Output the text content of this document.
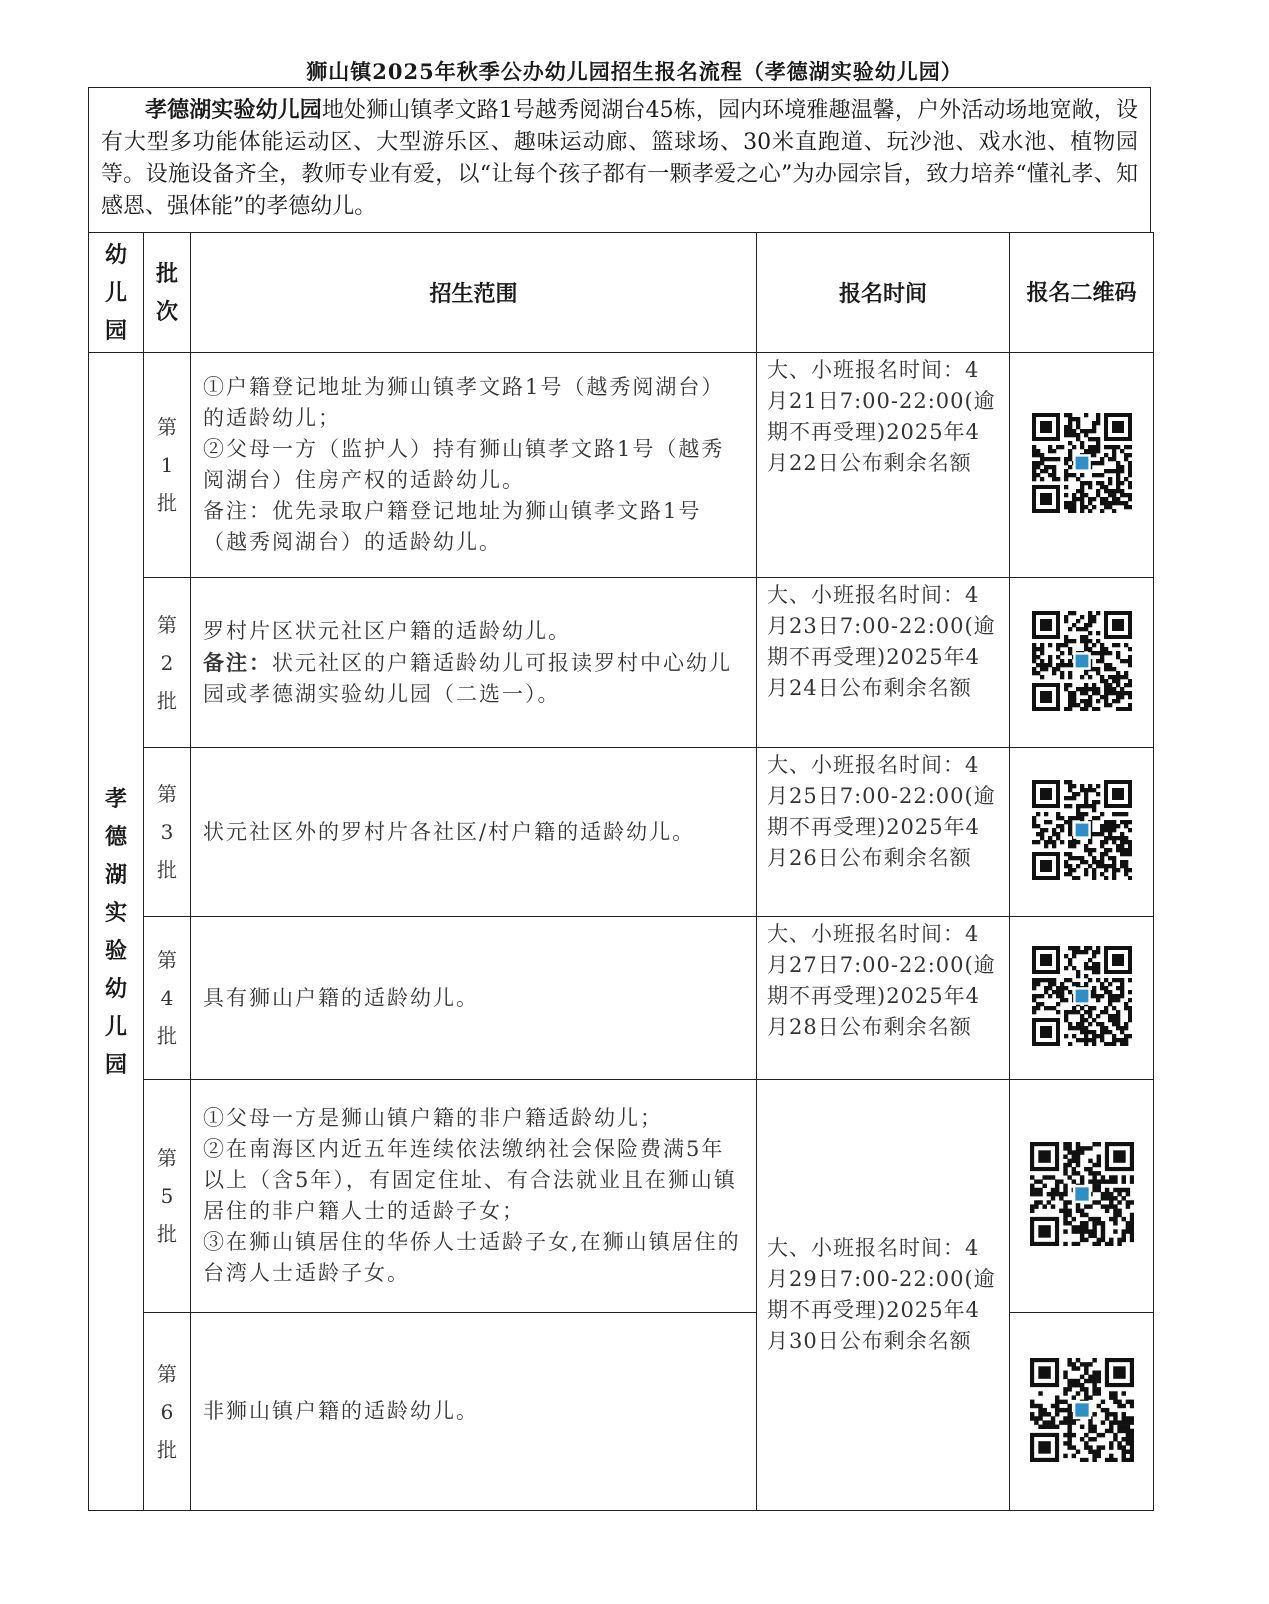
狮山镇2025年秋季公办幼儿园招生报名流程（孝德湖实验幼儿园）
孝德湖实验幼儿园地处狮山镇孝文路1号越秀阅湖台45栋，园内环境雅趣温馨，户外活动场地宽敞，设有大型多功能体能运动区、大型游乐区、趣味运动廊、篮球场、30米直跑道、玩沙池、戏水池、植物园等。设施设备齐全，教师专业有爱，以“让每个孩子都有一颗孝爱之心”为办园宗旨，致力培养“懂礼孝、知感恩、强体能”的孝德幼儿。
幼儿园	批次	招生范围	报名时间	报名二维码
孝德湖实验幼儿园	第1批	①户籍登记地址为狮山镇孝文路1号（越秀阅湖台）的适龄幼儿；
②父母一方（监护人）持有狮山镇孝文路1号（越秀阅湖台）住房产权的适龄幼儿。
备注：优先录取户籍登记地址为狮山镇孝文路1号（越秀阅湖台）的适龄幼儿。	大、小班报名时间：4月21日7:00-22:00(逾期不再受理)2025年4月22日公布剩余名额	
	第2批	罗村片区状元社区户籍的适龄幼儿。
备注：状元社区的户籍适龄幼儿可报读罗村中心幼儿园或孝德湖实验幼儿园（二选一）。	大、小班报名时间：4月23日7:00-22:00(逾期不再受理)2025年4月24日公布剩余名额	
	第3批	状元社区外的罗村片各社区/村户籍的适龄幼儿。	大、小班报名时间：4月25日7:00-22:00(逾期不再受理)2025年4月26日公布剩余名额	
	第4批	具有狮山户籍的适龄幼儿。	大、小班报名时间：4月27日7:00-22:00(逾期不再受理)2025年4月28日公布剩余名额	
	第5批	①父母一方是狮山镇户籍的非户籍适龄幼儿；
②在南海区内近五年连续依法缴纳社会保险费满5年以上（含5年），有固定住址、有合法就业且在狮山镇居住的非户籍人士的适龄子女；
③在狮山镇居住的华侨人士适龄子女,在狮山镇居住的台湾人士适龄子女。	大、小班报名时间：4月29日7:00-22:00(逾期不再受理)2025年4月30日公布剩余名额	
	第6批	非狮山镇户籍的适龄幼儿。
